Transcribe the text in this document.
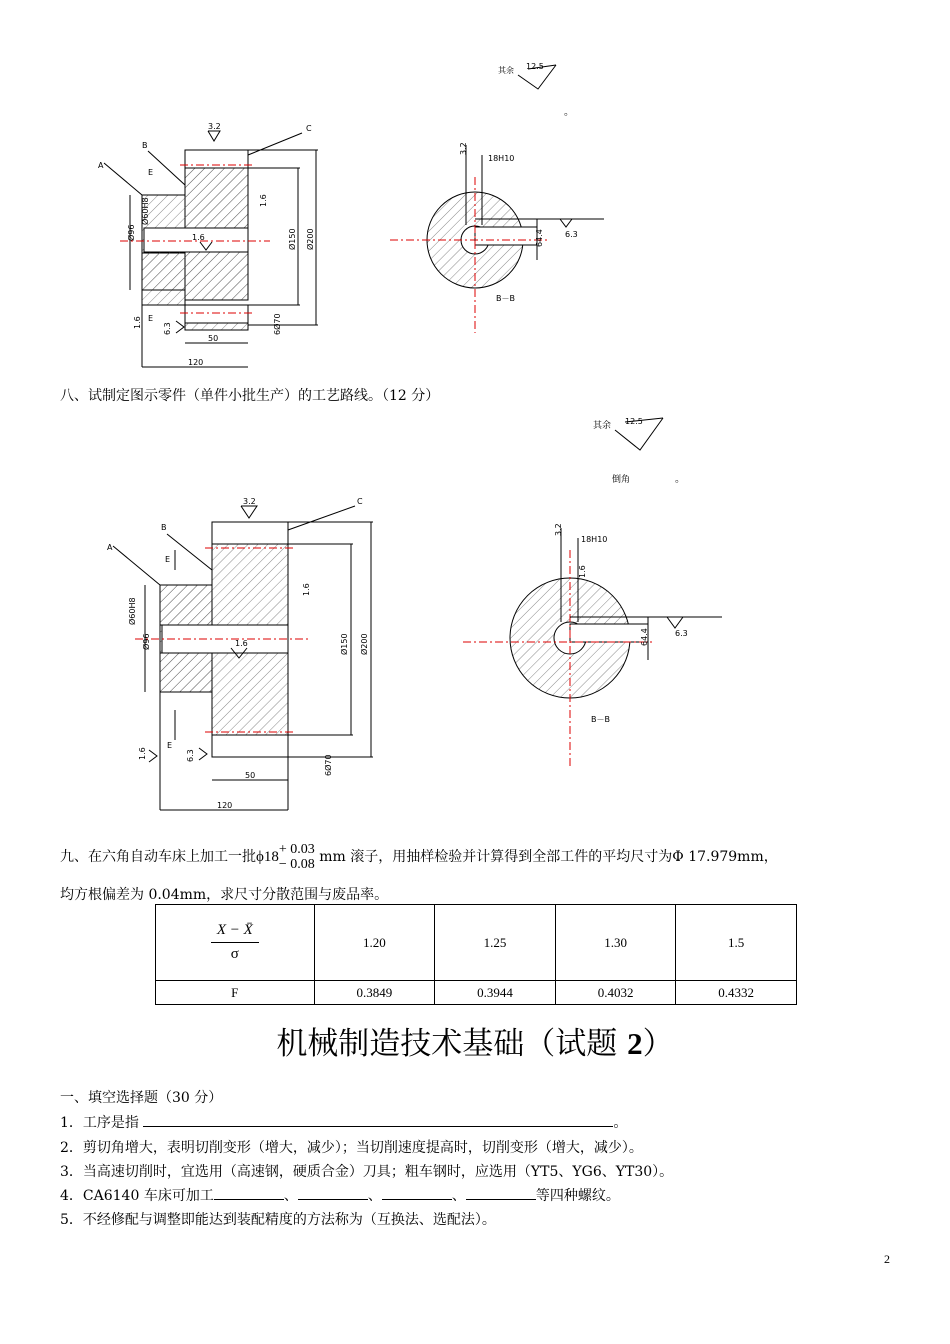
其余 12.5
。
Ø96
Ø60H8
Ø150 Ø200
50
120
6Ø70
A
B
C
E
E
3.2
1.6
1.6	6.3
1.6
18H10
64.4	6.3
3.2
B－B
八、试制定图示零件（单件小批生产）的工艺路线。（12 分）
其余 12.5
倒角	。
Ø96
Ø60H8
Ø150 Ø200
50
120
6Ø70
A
B
C
E
E
3.2
1.6
1.6	6.3
1.6
18H10
64.4	6.3
3.2
1.6
B－B
九、在六角自动车床上加工一批ϕ18 + 0.03
− 0.08 mm 滚子，用抽样检验并计算得到全部工件的平均尺寸为Φ 17.979mm，
均方根偏差为 0.04mm，求尺寸分散范围与废品率。
$\frac{X - X̄}{\sigma}$	1.20	1.25	1.30	1.5
F	0.3849	0.3944	0.4032	0.4332
机械制造技术基础（试题 2）
一、填空选择题（30 分）
1．工序是指	。
2．剪切角增大，表明切削变形（增大，减少）；当切削速度提高时，切削变形（增大，减少）。
3．当高速切削时，宜选用（高速钢，硬质合金）刀具；粗车钢时，应选用（YT5、YG6、YT30）。
4．CA6140 车床可加工	、	、	、	等四种螺纹。
5．不经修配与调整即能达到装配精度的方法称为（互换法、选配法）。
2
